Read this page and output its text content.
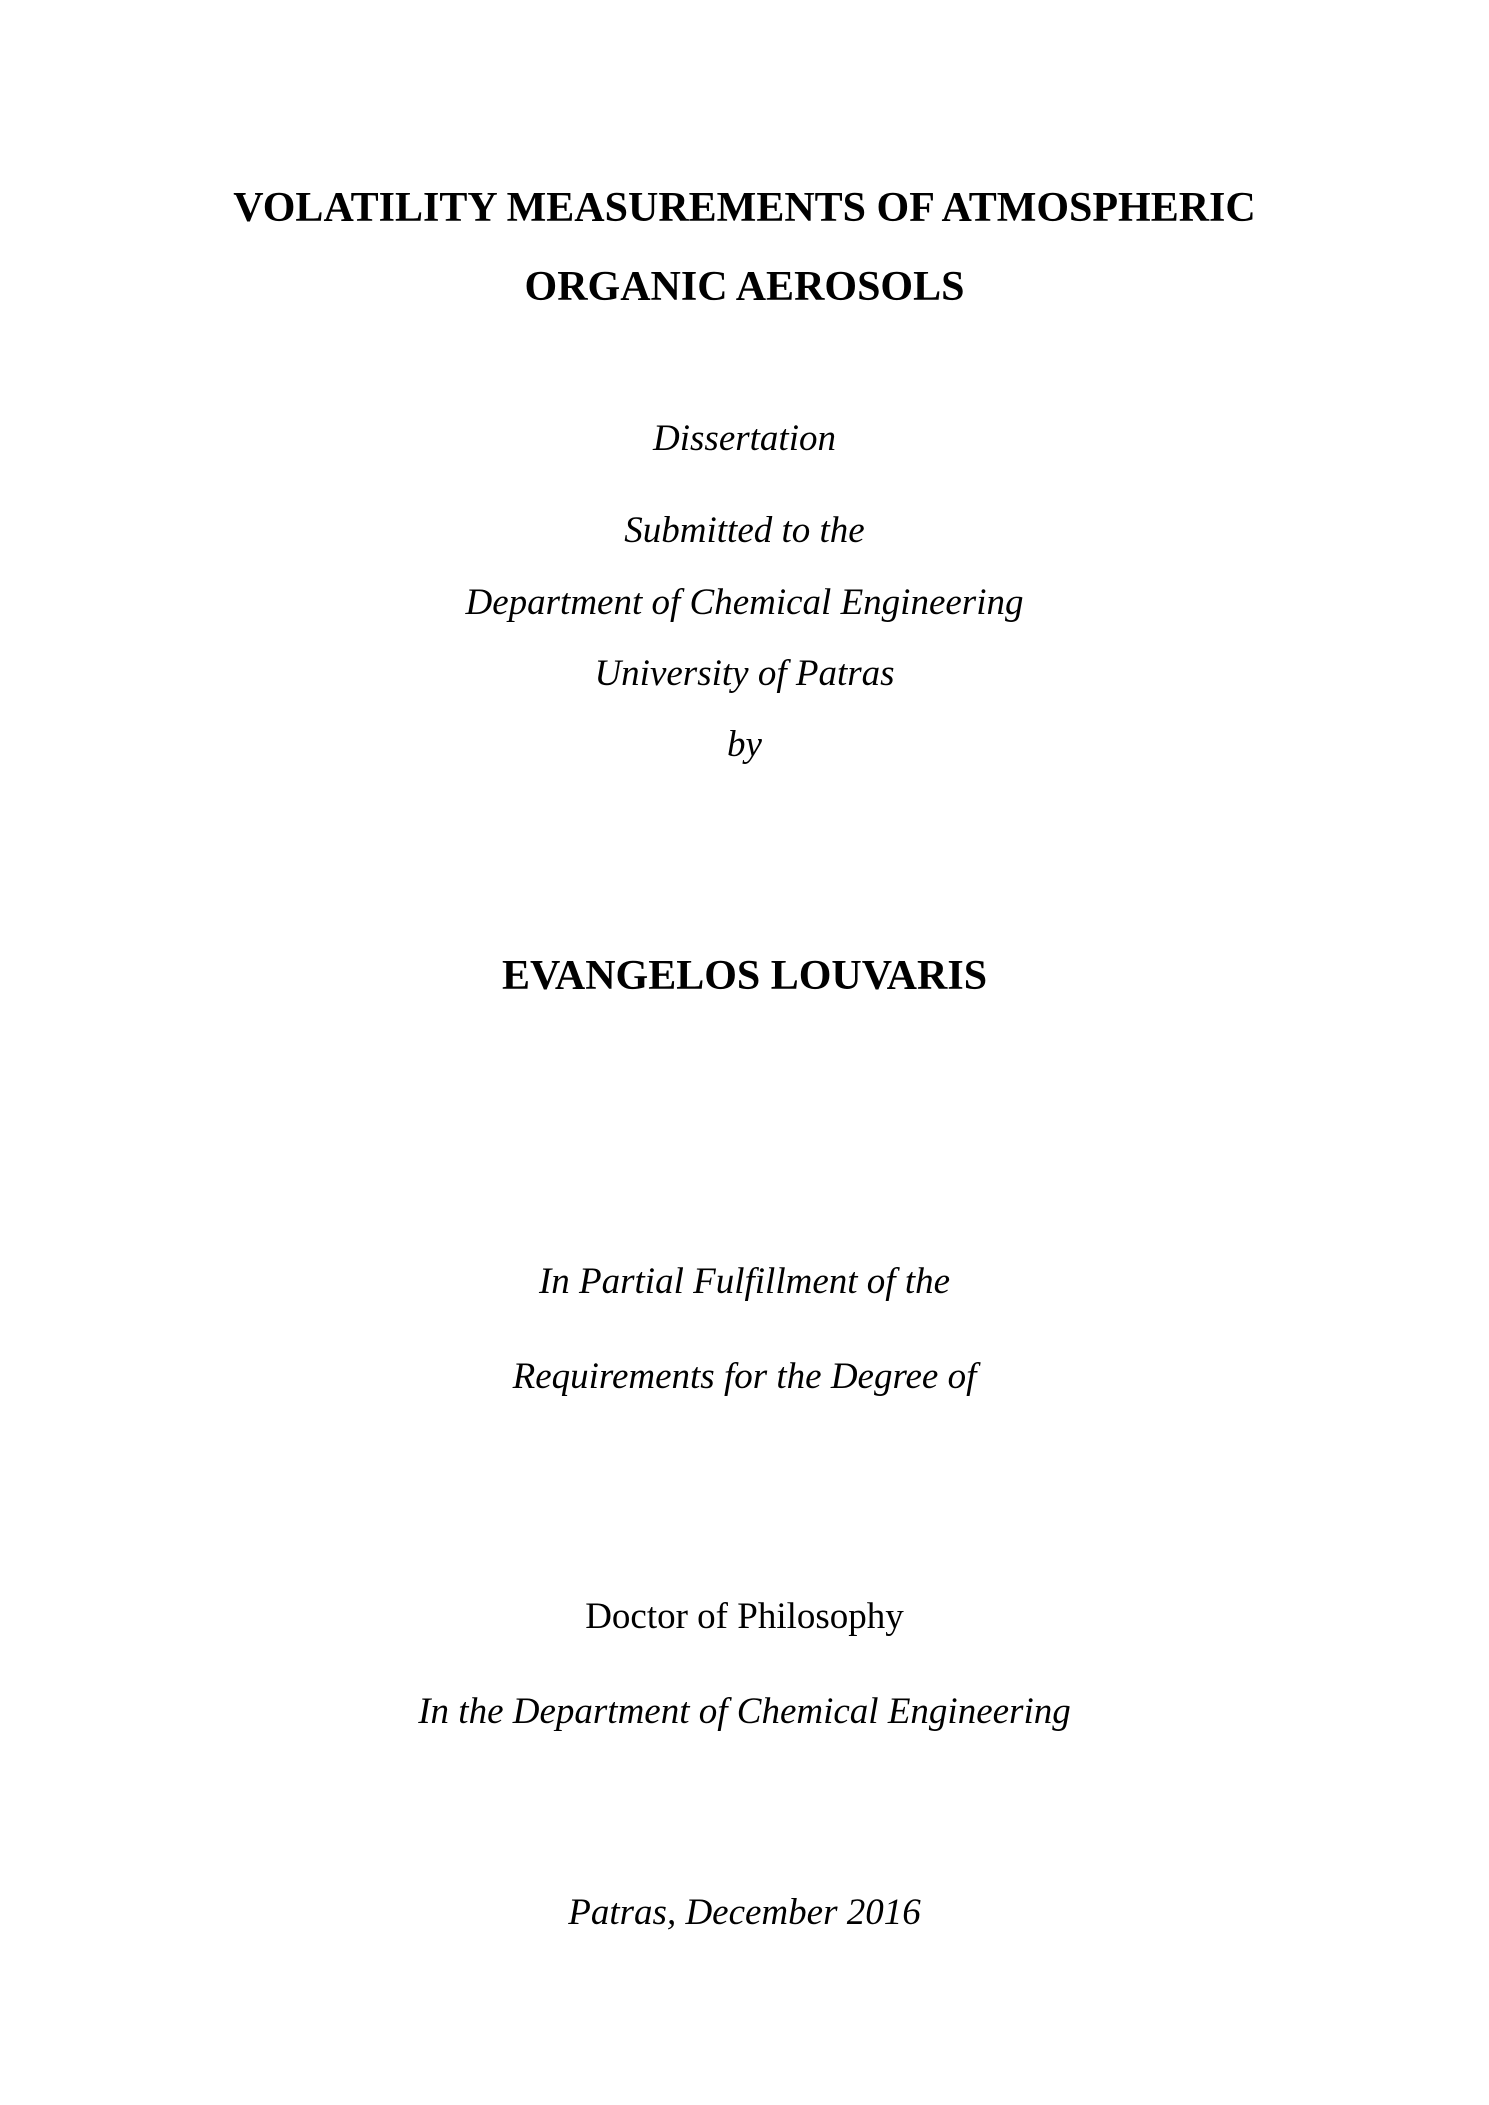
VOLATILITY MEASUREMENTS OF ATMOSPHERIC
ORGANIC AEROSOLS
Dissertation
Submitted to the
Department of Chemical Engineering
University of Patras
by
EVANGELOS LOUVARIS
In Partial Fulfillment of the
Requirements for the Degree of
Doctor of Philosophy
In the Department of Chemical Engineering
Patras, December 2016
